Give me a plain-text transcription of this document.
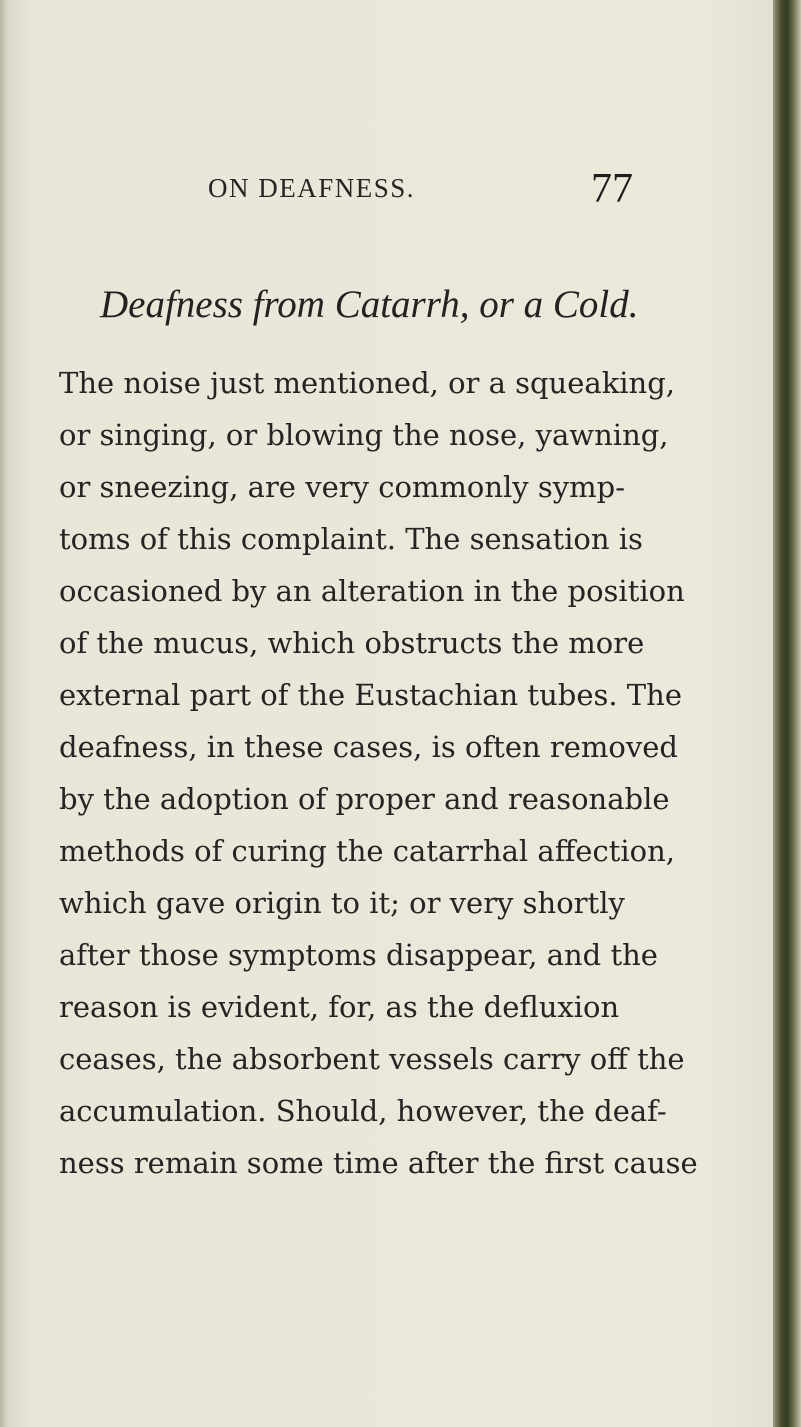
ON DEAFNESS.	77
Deafness from Catarrh, or a Cold.
The noise just mentioned, or a squeaking,
or singing, or blowing the nose, yawning,
or sneezing, are very commonly symp-
toms of this complaint. The sensation is
occasioned by an alteration in the position
of the mucus, which obstructs the more
external part of the Eustachian tubes. The
deafness, in these cases, is often removed
by the adoption of proper and reasonable
methods of curing the catarrhal affection,
which gave origin to it; or very shortly
after those symptoms disappear, and the
reason is evident, for, as the defluxion
ceases, the absorbent vessels carry off the
accumulation. Should, however, the deaf-
ness remain some time after the first cause
